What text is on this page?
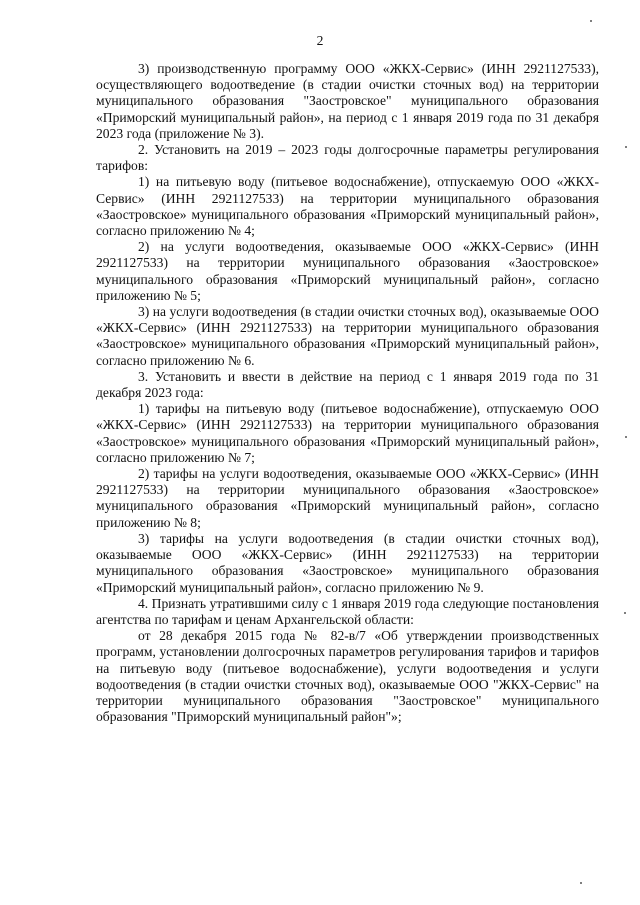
2

3) производственную программу ООО «ЖКХ-Сервис» (ИНН 2921127533), осуществляющего водоотведение (в стадии очистки сточных вод) на территории муниципального образования "Заостровское" муниципального образования «Приморский муниципальный район», на период с 1 января 2019 года по 31 декабря 2023 года (приложение № 3).

2. Установить на 2019 – 2023 годы долгосрочные параметры регулирования тарифов:

1) на питьевую воду (питьевое водоснабжение), отпускаемую ООО «ЖКХ-Сервис» (ИНН 2921127533) на территории муниципального образования «Заостровское» муниципального образования «Приморский муниципальный район», согласно приложению № 4;

2) на услуги водоотведения, оказываемые ООО «ЖКХ-Сервис» (ИНН 2921127533) на территории муниципального образования «Заостровское» муниципального образования «Приморский муниципальный район», согласно приложению № 5;

3) на услуги водоотведения (в стадии очистки сточных вод), оказываемые ООО «ЖКХ-Сервис» (ИНН 2921127533) на территории муниципального образования «Заостровское» муниципального образования «Приморский муниципальный район», согласно приложению № 6.

3. Установить и ввести в действие на период с 1 января 2019 года по 31 декабря 2023 года:

1) тарифы на питьевую воду (питьевое водоснабжение), отпускаемую ООО «ЖКХ-Сервис» (ИНН 2921127533) на территории муниципального образования «Заостровское» муниципального образования «Приморский муниципальный район», согласно приложению № 7;

2) тарифы на услуги водоотведения, оказываемые ООО «ЖКХ-Сервис» (ИНН 2921127533) на территории муниципального образования «Заостровское» муниципального образования «Приморский муниципальный район», согласно приложению № 8;

3) тарифы на услуги водоотведения (в стадии очистки сточных вод), оказываемые ООО «ЖКХ-Сервис» (ИНН 2921127533) на территории муниципального образования «Заостровское» муниципального образования «Приморский муниципальный район», согласно приложению № 9.

4. Признать утратившими силу с 1 января 2019 года следующие постановления агентства по тарифам и ценам Архангельской области:

от 28 декабря 2015 года № 82-в/7 «Об утверждении производственных программ, установлении долгосрочных параметров регулирования тарифов и тарифов на питьевую воду (питьевое водоснабжение), услуги водоотведения и услуги водоотведения (в стадии очистки сточных вод), оказываемые ООО "ЖКХ-Сервис" на территории муниципального образования "Заостровское" муниципального образования "Приморский муниципальный район"»;
